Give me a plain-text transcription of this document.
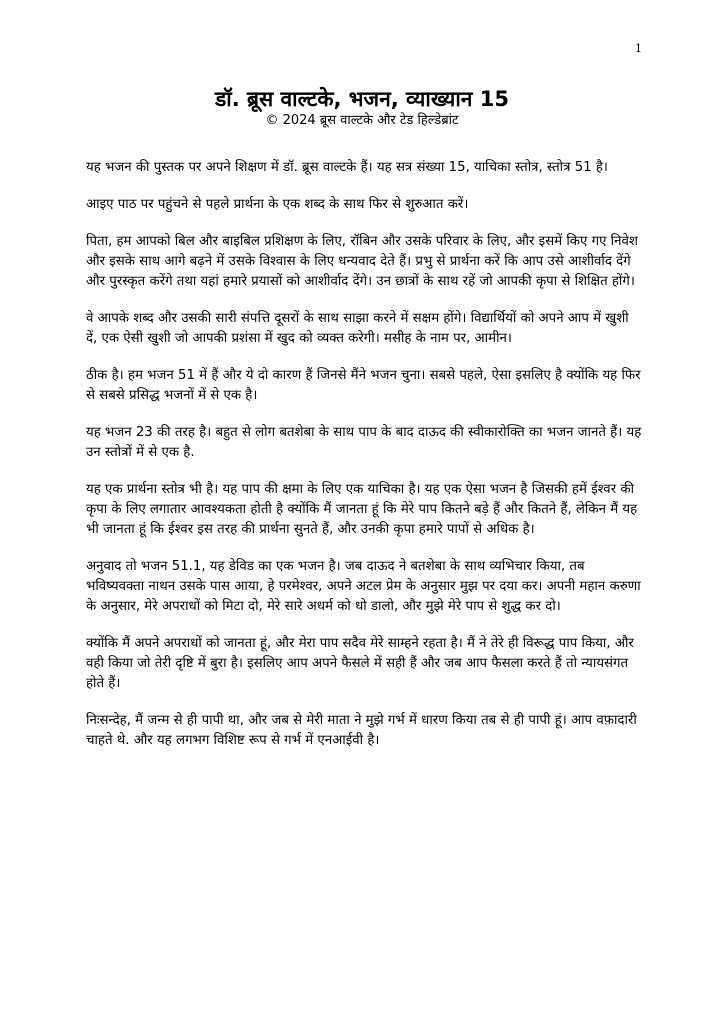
1
डॉ. ब्रूस वाल्टके, भजन, व्याख्यान 15

© 2024 ब्रूस वाल्टके और टेड हिल्डेब्रांट

यह भजन की पुस्तक पर अपने शिक्षण में डॉ. ब्रूस वाल्टके हैं। यह सत्र संख्या 15, याचिका स्तोत्र, स्तोत्र 51 है।

आइए पाठ पर पहुंचने से पहले प्रार्थना के एक शब्द के साथ फिर से शुरुआत करें।

पिता, हम आपको बिल और बाइबिल प्रशिक्षण के लिए, रॉबिन और उसके परिवार के लिए, और इसमें किए गए निवेश और इसके साथ आगे बढ़ने में उसके विश्वास के लिए धन्यवाद देते हैं। प्रभु से प्रार्थना करें कि आप उसे आशीर्वाद देंगे और पुरस्कृत करेंगे तथा यहां हमारे प्रयासों को आशीर्वाद देंगे। उन छात्रों के साथ रहें जो आपकी कृपा से शिक्षित होंगे।

वे आपके शब्द और उसकी सारी संपत्ति दूसरों के साथ साझा करने में सक्षम होंगे। विद्यार्थियों को अपने आप में खुशी दें, एक ऐसी खुशी जो आपकी प्रशंसा में खुद को व्यक्त करेगी। मसीह के नाम पर, आमीन।

ठीक है। हम भजन 51 में हैं और ये दो कारण हैं जिनसे मैंने भजन चुना। सबसे पहले, ऐसा इसलिए है क्योंकि यह फिर से सबसे प्रसिद्ध भजनों में से एक है।

यह भजन 23 की तरह है। बहुत से लोग बतशेबा के साथ पाप के बाद दाऊद की स्वीकारोक्ति का भजन जानते हैं। यह उन स्तोत्रों में से एक है.

यह एक प्रार्थना स्तोत्र भी है। यह पाप की क्षमा के लिए एक याचिका है। यह एक ऐसा भजन है जिसकी हमें ईश्वर की कृपा के लिए लगातार आवश्यकता होती है क्योंकि मैं जानता हूं कि मेरे पाप कितने बड़े हैं और कितने हैं, लेकिन मैं यह भी जानता हूं कि ईश्वर इस तरह की प्रार्थना सुनते हैं, और उनकी कृपा हमारे पापों से अधिक है।

अनुवाद तो भजन 51.1, यह डेविड का एक भजन है। जब दाऊद ने बतशेबा के साथ व्यभिचार किया, तब भविष्यवक्ता नाथन उसके पास आया, हे परमेश्वर, अपने अटल प्रेम के अनुसार मुझ पर दया कर। अपनी महान करुणा के अनुसार, मेरे अपराधों को मिटा दो, मेरे सारे अधर्म को धो डालो, और मुझे मेरे पाप से शुद्ध कर दो।

क्योंकि मैं अपने अपराधों को जानता हूं, और मेरा पाप सदैव मेरे साम्हने रहता है। मैं ने तेरे ही विरूद्ध पाप किया, और वही किया जो तेरी दृष्टि में बुरा है। इसलिए आप अपने फैसले में सही हैं और जब आप फैसला करते हैं तो न्यायसंगत होते हैं।

निःसन्देह, मैं जन्म से ही पापी था, और जब से मेरी माता ने मुझे गर्भ में धारण किया तब से ही पापी हूं। आप वफ़ादारी चाहते थे. और यह लगभग विशिष्ट रूप से गर्भ में एनआईवी है।
